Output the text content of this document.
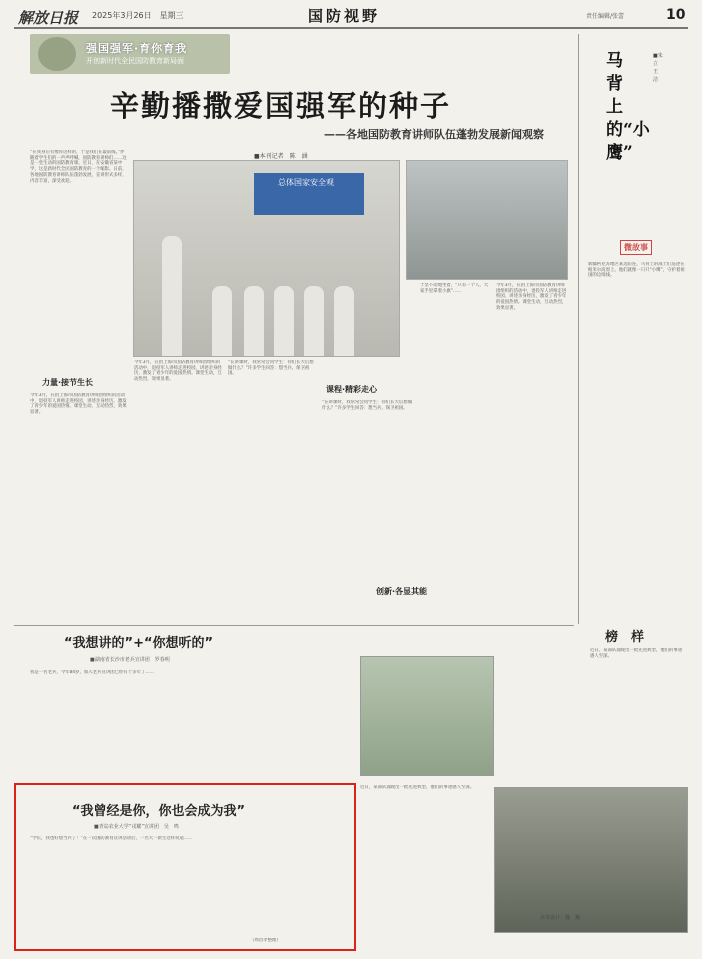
解放日报 2025年3月26日　星期三	国防视野	责任编辑/张蕾	10
强国强军·育你育我
开创新时代全民国防教育新局面
辛勤播撒爱国强军的种子
——各地国防教育讲师队伍蓬勃发展新闻观察
■本刊记者　陈　涵
总体国家安全观
“在我身后有像你这样的，于是我们在最前线。”伴随着学生们的一声声呼喊，国防教育讲师们……这是一堂生动的国防教育课。近日，在安徽省某中学，这是新时代全民国防教育的一个缩影。日前，各地国防教育讲师队伍蓬勃发展，宣讲形式多样，内容丰富，深受欢迎。
力量·接节生长
今年3月，在由上海市国防教育讲师团组织的活动中，退役军人讲师走进校园，讲述亲身经历，激发了青少年的爱国热情。课堂生动，互动热烈，效果显著。
今年3月，在由上海市国防教育讲师团组织的活动中，退役军人讲师走进校园，讲述亲身经历，激发了青少年的爱国热情。课堂生动，互动热烈，效果显著。
“在讲课时，我常常会问学生：你们长大后想做什么？”许多学生回答：想当兵、保卫祖国。
课程·精彩走心
“在讲课时，我常常会问学生：你们长大后想做什么？”许多学生回答：想当兵、保卫祖国。
于坚不动地坐着，“只有一个人，大家手里拿着小旗”……
今年3月，在由上海市国防教育讲师团组织的活动中，退役军人讲师走进校园，讲述亲身经历，激发了青少年的爱国热情。课堂生动，互动热烈，效果显著。
创新·各显其能
马背上的“小鹰”
■朱　立　王　洁
微故事
新疆阿克苏地区某边防连，马背上的战士们巡逻在帕米尔高原上。他们就像一只只“小鹰”，守护着祖国的边境线。
“我想讲的”+“你想听的”
■湖南省长沙市老兵宣讲团　罗春明
我是一名老兵，今年84岁，加入老兵宣讲团已经有十多年了……
“我曾经是你，你也会成为我”
■青岛农业大学“戎耀”宣讲团　吴　鸣
“学长，我也好想当兵了！”在一次国防教育宣讲活动后，一名大一新生这样说道……
（周昌孝整理）
榜　样
近日，某部队涌现出一批先进典型，他们的事迹感人至深。
近日，某部队涌现出一批先进典型，他们的事迹感人至深。
美术设计：魏　巍
